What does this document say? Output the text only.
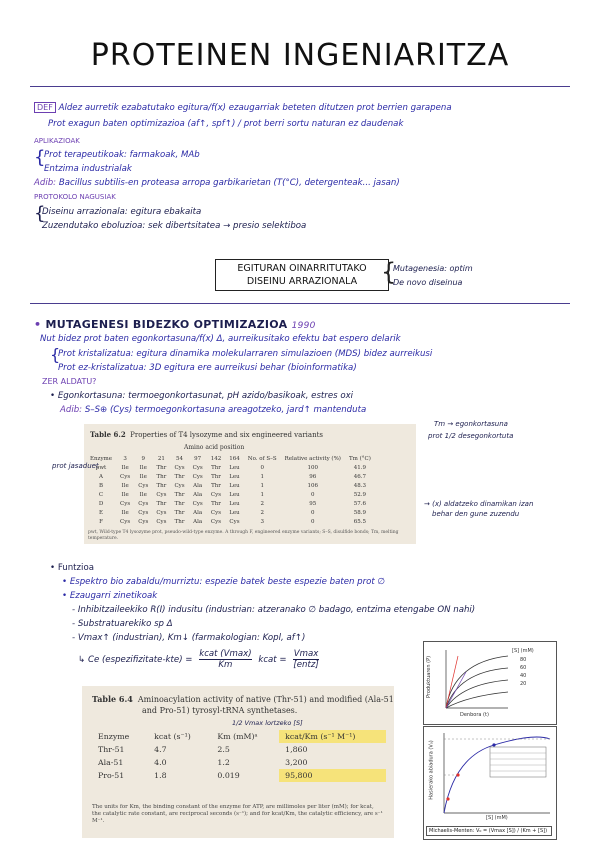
PROTEINEN INGENIARITZA
DEF Aldez aurretik ezabatutako egitura/f(x) ezaugarriak beteten ditutzen prot berrien garapena
Prot exagun baten optimizazioa (af↑, spf↑) / prot berri sortu naturan ez daudenak
APLIKAZIOAK
{
Prot terapeutikoak: farmakoak, MAb
Entzima industrialak
Adib: Bacillus subtilis-en proteasa arropa garbikarietan (T(°C), detergenteak... jasan)
PROTOKOLO NAGUSIAK
{
Diseinu arrazionala: egitura ebakaita
Zuzendutako eboluzioa: sek dibertsitatea → presio selektiboa
EGITURAN OINARRITUTAKO
DISEINU ARRAZIONALA {
Mutagenesia: optim
De novo diseinua
• MUTAGENESI BIDEZKO OPTIMIZAZIOA 1990
Nut bidez prot baten egonkortasuna/f(x) Δ, aurreikusitako efektu bat espero delarik
{
Prot kristalizatua: egitura dinamika molekularraren simulazioen (MDS) bidez aurreikusi
Prot ez-kristalizatua: 3D egitura ere aurreikusi behar (bioinformatika)
ZER ALDATU?
• Egonkortasuna: termoegonkortasunat, pH azido/basikoak, estres oxi
Adib: S–S⊕ (Cys) termoegonkortasuna areagotzeko, jard↑ mantenduta
Tm → egonkortasuna
prot 1/2 desegonkortuta
Table 6.2 Properties of T4 lysozyme and six engineered variants
Amino acid position
Enzyme	3	9	21	54	97	142	164	No. of S–S	Relative activity (%)	Tm (°C)
pwt	Ile	Ile	Thr	Cys	Cys	Thr	Leu	0	100	41.9
A	Cys	Ile	Thr	Thr	Cys	Thr	Leu	1	96	46.7
B	Ile	Cys	Thr	Cys	Ala	Thr	Leu	1	106	48.3
C	Ile	Ile	Cys	Thr	Ala	Cys	Leu	1	0	52.9
D	Cys	Cys	Thr	Thr	Cys	Thr	Leu	2	95	57.6
E	Ile	Cys	Cys	Thr	Ala	Cys	Leu	2	0	58.9
F	Cys	Cys	Cys	Thr	Ala	Cys	Cys	3	0	65.5
pwt, Wild-type T4 lysozyme prot, pseudo-wild-type enzyme. A through F, engineered enzyme variants; S–S, disulfide bonds; Tm, melting temperature.
prot jasaduet
→ (x) aldatzeko dinamikan izan
behar den gune zuzendu
• Funtzioa
• Espektro bio zabaldu/murriztu: espezie batek beste espezie baten prot ∅
• Ezaugarri zinetikoak
- Inhibitzaileekiko R(I) indusitu (industrian: atzeranako ∅ badago, entzima etengabe ON nahi)
- Substratuarekiko sp Δ
- Vmax↑ (industrian), Km↓ (farmakologian: Kopl, af↑)
↳ Ce (espezifizitate-kte) =
kcat (Vmax)
Km	kcat =
Vmax
[entz]
Table 6.4 Aminoacylation activity of native (Thr-51) and modified (Ala-51
and Pro-51) tyrosyl-tRNA synthetases.
1/2 Vmax lortzeko [S]
Enzyme	kcat (s⁻¹)	Km (mM)ᵃ	kcat/Km (s⁻¹ M⁻¹)
Thr-51	4.7	2.5	1,860
Ala-51	4.0	1.2	3,200
Pro-51	1.8	0.019	95,800
The units for Km, the binding constant of the enzyme for ATP, are millimoles per liter (mM); for kcat, the catalytic rate constant, are reciprocal seconds (s⁻¹); and for kcat/Km, the catalytic efficiency, are s⁻¹ M⁻¹.
[S] (mM)
80
60
40
20
Denbora (t)
Produktuaren (P)
[S] (mM)
Hasierako abiadura (V₀)
Michaelis-Menten: V₀ = (Vmax [S]) / (Km + [S])
